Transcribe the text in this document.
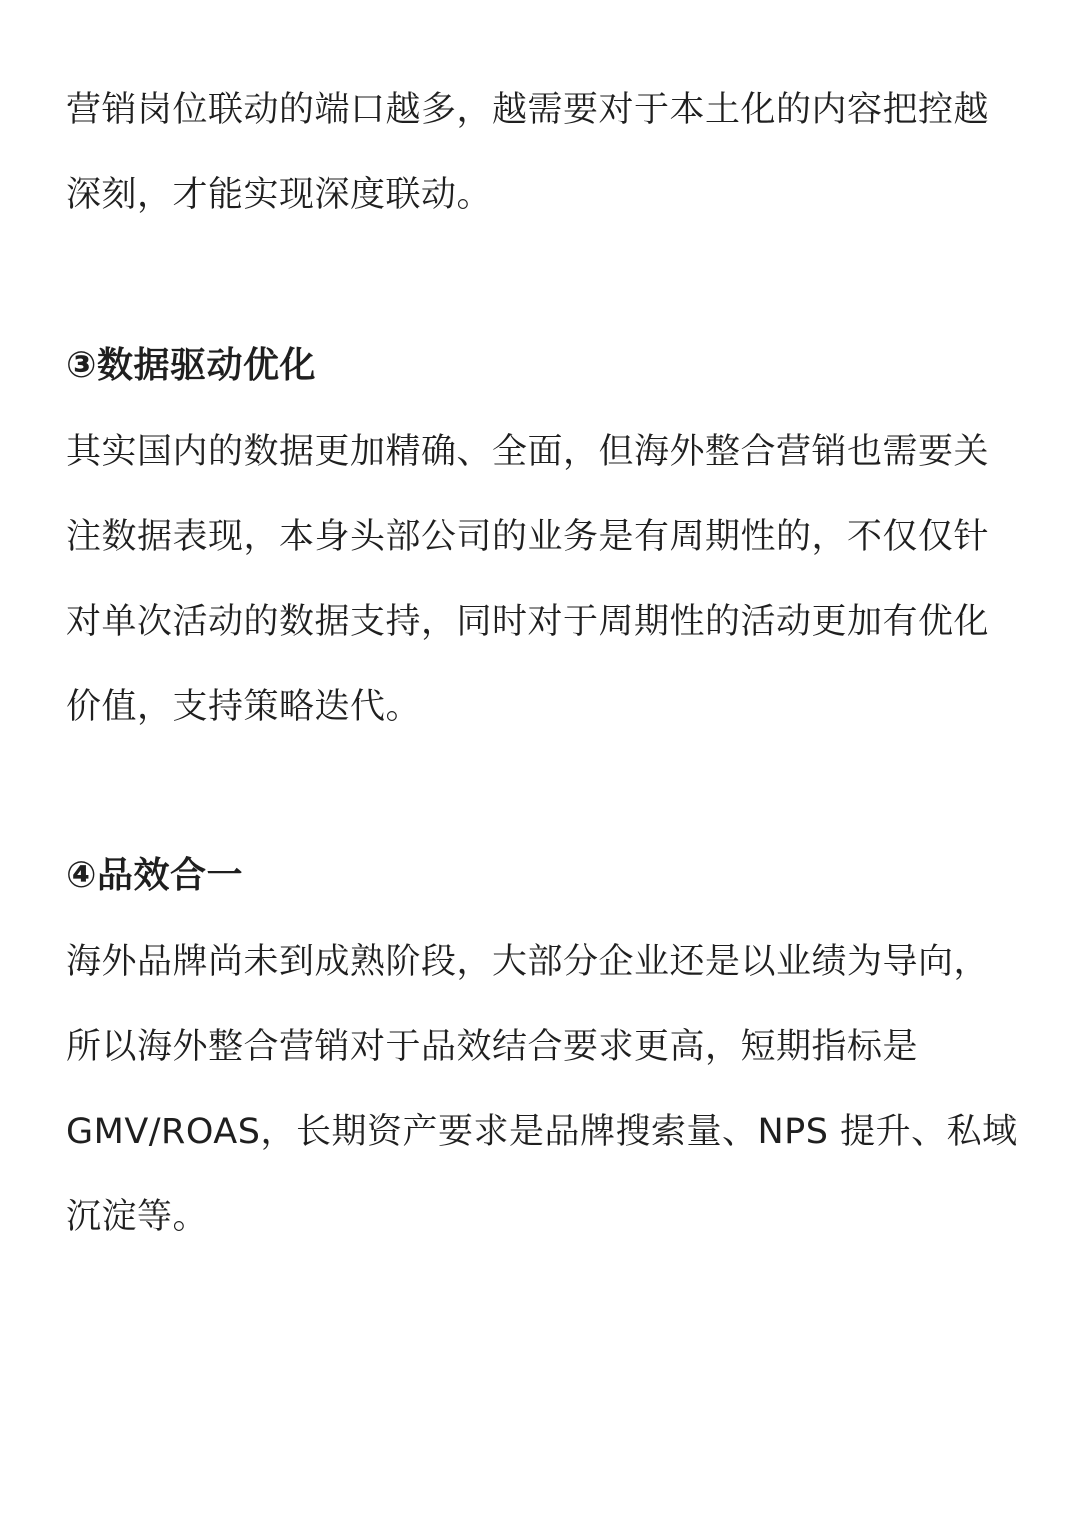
营销岗位联动的端口越多，越需要对于本土化的内容把控越
深刻，才能实现深度联动。

③数据驱动优化

其实国内的数据更加精确、全面，但海外整合营销也需要关
注数据表现，本身头部公司的业务是有周期性的，不仅仅针
对单次活动的数据支持，同时对于周期性的活动更加有优化
价值，支持策略迭代。

④品效合一

海外品牌尚未到成熟阶段，大部分企业还是以业绩为导向，
所以海外整合营销对于品效结合要求更高，短期指标是
GMV/ROAS，长期资产要求是品牌搜索量、NPS 提升、私域
沉淀等。
